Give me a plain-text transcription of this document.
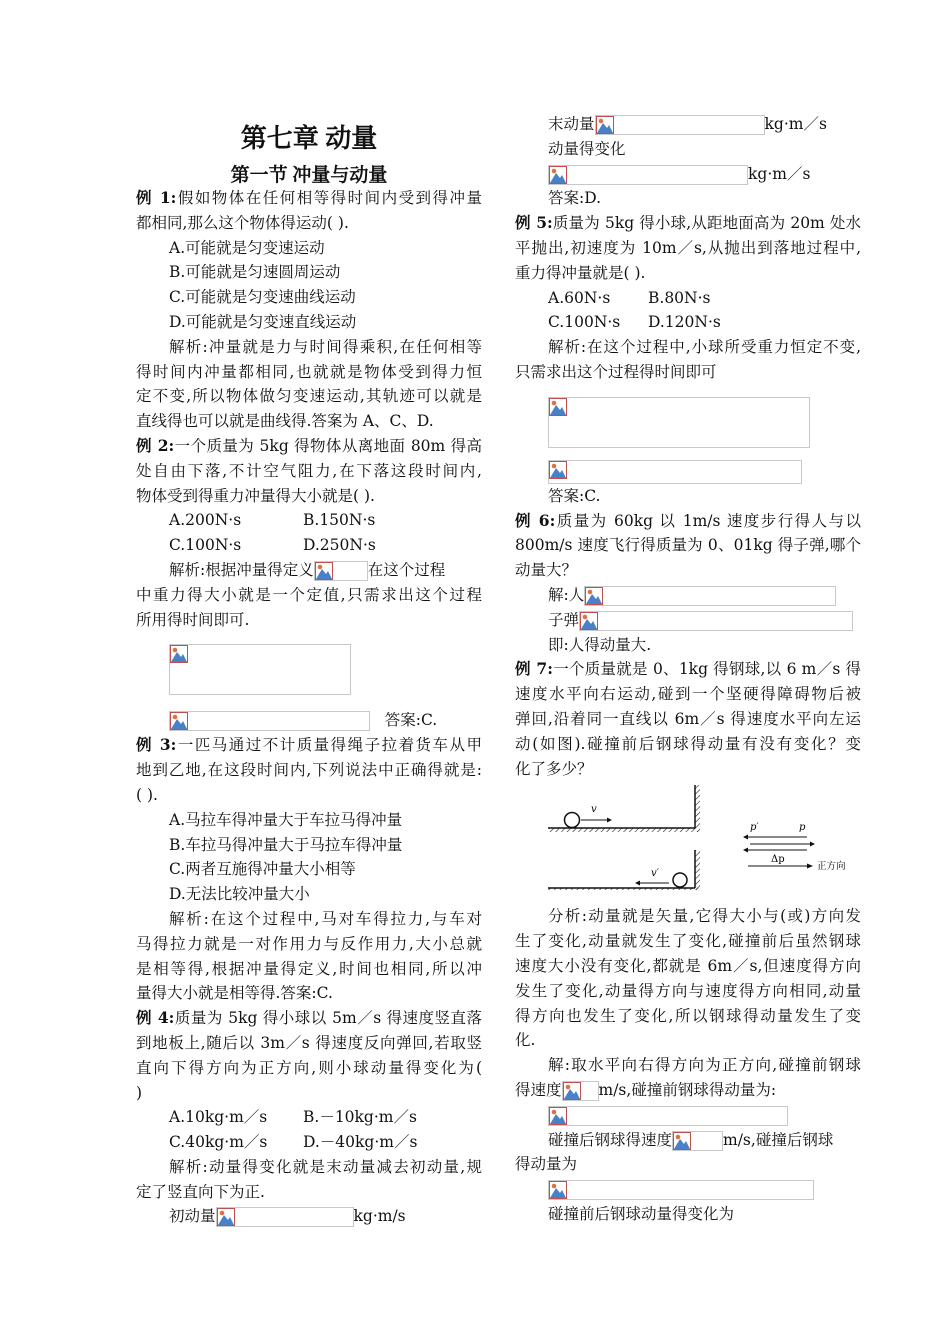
第七章 动量
第一节 冲量与动量
例 1:假如物体在任何相等得时间内受到得冲量
都相同,那么这个物体得运动( ).
A.可能就是匀变速运动
B.可能就是匀速圆周运动
C.可能就是匀变速曲线运动
D.可能就是匀变速直线运动
解析:冲量就是力与时间得乘积,在任何相等
得时间内冲量都相同,也就就是物体受到得力恒
定不变,所以物体做匀变速运动,其轨迹可以就是
直线得也可以就是曲线得.答案为 A、C、D.
例 2:一个质量为 5kg 得物体从离地面 80m 得高
处自由下落,不计空气阻力,在下落这段时间内,
物体受到得重力冲量得大小就是( ).
A.200N·s	B.150N·s
C.100N·s	D.250N·s
解析:根据冲量得定义	在这个过程
中重力得大小就是一个定值,只需求出这个过程
所用得时间即可.
答案:C.
例 3:一匹马通过不计质量得绳子拉着货车从甲
地到乙地,在这段时间内,下列说法中正确得就是:
( ).
A.马拉车得冲量大于车拉马得冲量
B.车拉马得冲量大于马拉车得冲量
C.两者互施得冲量大小相等
D.无法比较冲量大小
解析:在这个过程中,马对车得拉力,与车对
马得拉力就是一对作用力与反作用力,大小总就
是相等得,根据冲量得定义,时间也相同,所以冲
量得大小就是相等得.答案:C.
例 4:质量为 5kg 得小球以 5m／s 得速度竖直落
到地板上,随后以 3m／s 得速度反向弹回,若取竖
直向下得方向为正方向,则小球动量得变化为(
)
A.10kg·m／s B.－10kg·m／s
C.40kg·m／s D.－40kg·m／s
解析:动量得变化就是末动量减去初动量,规
定了竖直向下为正.
初动量	kg·m/s
末动量	kg·m／s
动量得变化
kg·m／s
答案:D.
例 5:质量为 5kg 得小球,从距地面高为 20m 处水
平抛出,初速度为 10m／s,从抛出到落地过程中,
重力得冲量就是( ).
A.60N·s B.80N·s
C.100N·s D.120N·s
解析:在这个过程中,小球所受重力恒定不变,
只需求出这个过程得时间即可
答案:C.
例 6:质量为 60kg 以 1m/s 速度步行得人与以
800m/s 速度飞行得质量为 0、01kg 得子弹,哪个
动量大？
解:人
子弹
即:人得动量大.
例 7:一个质量就是 0、1kg 得钢球,以 6 m／s 得
速度水平向右运动,碰到一个坚硬得障碍物后被
弹回,沿着同一直线以 6m／s 得速度水平向左运
动(如图).碰撞前后钢球得动量有没有变化？变
化了多少？
分析:动量就是矢量,它得大小与(或)方向发
生了变化,动量就发生了变化,碰撞前后虽然钢球
速度大小没有变化,都就是 6m／s,但速度得方向
发生了变化,动量得方向与速度得方向相同,动量
得方向也发生了变化,所以钢球得动量发生了变
化.
解:取水平向右得方向为正方向,碰撞前钢球
得速度 m/s,碰撞前钢球得动量为:
碰撞后钢球得速度	m/s,碰撞后钢球
得动量为
碰撞前后钢球动量得变化为
v
v′
p′	p
Δp
正方向
